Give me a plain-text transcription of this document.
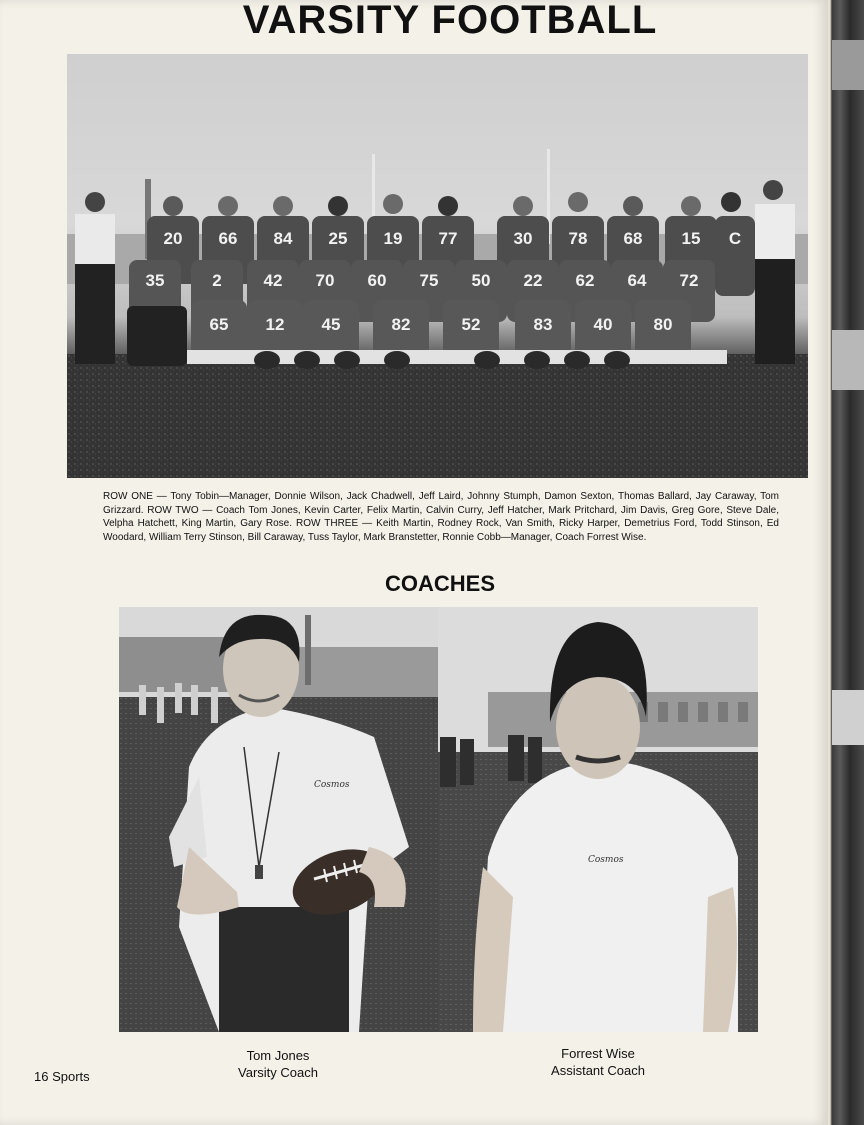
VARSITY FOOTBALL
20 66 84 25 19 77	30 78 68 15 C
35	2 42 70 60 75 50 22 62 64 72
65 12 45	82	52	83 40 80
ROW ONE — Tony Tobin—Manager, Donnie Wilson, Jack Chadwell, Jeff Laird, Johnny Stumph, Damon Sexton, Thomas Ballard, Jay Caraway, Tom Grizzard. ROW TWO — Coach Tom Jones, Kevin Carter, Felix Martin, Calvin Curry, Jeff Hatcher, Mark Pritchard, Jim Davis, Greg Gore, Steve Dale, Velpha Hatchett, King Martin, Gary Rose. ROW THREE — Keith Martin, Rodney Rock, Van Smith, Ricky Harper, Demetrius Ford, Todd Stinson, Ed Woodard, William Terry Stinson, Bill Caraway, Tuss Taylor, Mark Branstetter, Ronnie Cobb—Manager, Coach Forrest Wise.
COACHES
Cosmos
Cosmos
Tom Jones
Varsity Coach
Forrest Wise
Assistant Coach
16 Sports
